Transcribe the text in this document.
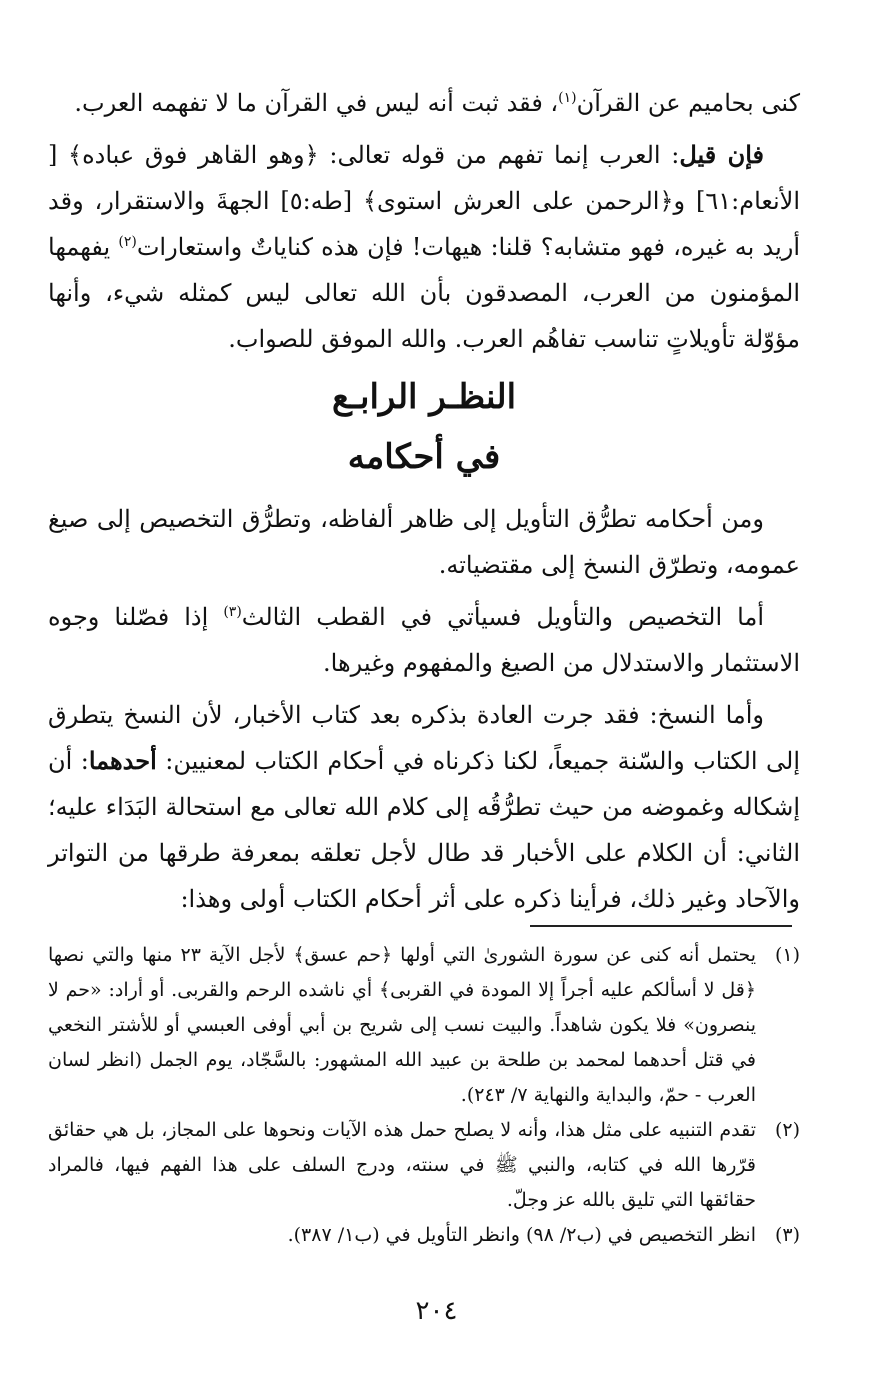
كنى بحاميم عن القرآن$^{(١)}$، فقد ثبت أنه ليس في القرآن ما لا تفهمه العرب.

فإن قيل: العرب إنما تفهم من قوله تعالى: ﴿وهو القاهر فوق عباده﴾ [ الأنعام:٦١] و﴿الرحمن على العرش استوى﴾ [طه:٥] الجهةَ والاستقرار، وقد أريد به غيره، فهو متشابه؟ قلنا: هيهات! فإن هذه كناياتٌ واستعارات$^{(٢)}$ يفهمها المؤمنون من العرب، المصدقون بأن الله تعالى ليس كمثله شيء، وأنها مؤوّلة تأويلاتٍ تناسب تفاهُم العرب. والله الموفق للصواب.

النظـر الرابـع
في أحكامه

ومن أحكامه تطرُّق التأويل إلى ظاهر ألفاظه، وتطرُّق التخصيص إلى صيغ عمومه، وتطرّق النسخ إلى مقتضياته.

أما التخصيص والتأويل فسيأتي في القطب الثالث$^{(٣)}$ إذا فصّلنا وجوه الاستثمار والاستدلال من الصيغ والمفهوم وغيرها.

وأما النسخ: فقد جرت العادة بذكره بعد كتاب الأخبار، لأن النسخ يتطرق إلى الكتاب والسّنة جميعاً، لكنا ذكرناه في أحكام الكتاب لمعنيين: أحدهما: أن إشكاله وغموضه من حيث تطرُّقُه إلى كلام الله تعالى مع استحالة البَدَاء عليه؛ الثاني: أن الكلام على الأخبار قد طال لأجل تعلقه بمعرفة طرقها من التواتر والآحاد وغير ذلك، فرأينا ذكره على أثر أحكام الكتاب أولى وهذا:

(١)
يحتمل أنه كنى عن سورة الشورىٰ التي أولها ﴿حم عسق﴾ لأجل الآية ٢٣ منها والتي نصها ﴿قل لا أسألكم عليه أجراً إلا المودة في القربى﴾ أي ناشده الرحم والقربى. أو أراد: «حم لا ينصرون» فلا يكون شاهداً. والبيت نسب إلى شريح بن أبي أوفى العبسي أو للأشتر النخعي في قتل أحدهما لمحمد بن طلحة بن عبيد الله المشهور: بالسَّجّاد، يوم الجمل (انظر لسان العرب - حمّ، والبداية والنهاية ٧/ ٢٤٣).
(٢)
تقدم التنبيه على مثل هذا، وأنه لا يصلح حمل هذه الآيات ونحوها على المجاز، بل هي حقائق قرّرها الله في كتابه، والنبي ﷺ في سنته، ودرج السلف على هذا الفهم فيها، فالمراد حقائقها التي تليق بالله عز وجلّ.
(٣)
انظر التخصيص في (ب٢/ ٩٨) وانظر التأويل في (ب١/ ٣٨٧).
٢٠٤
